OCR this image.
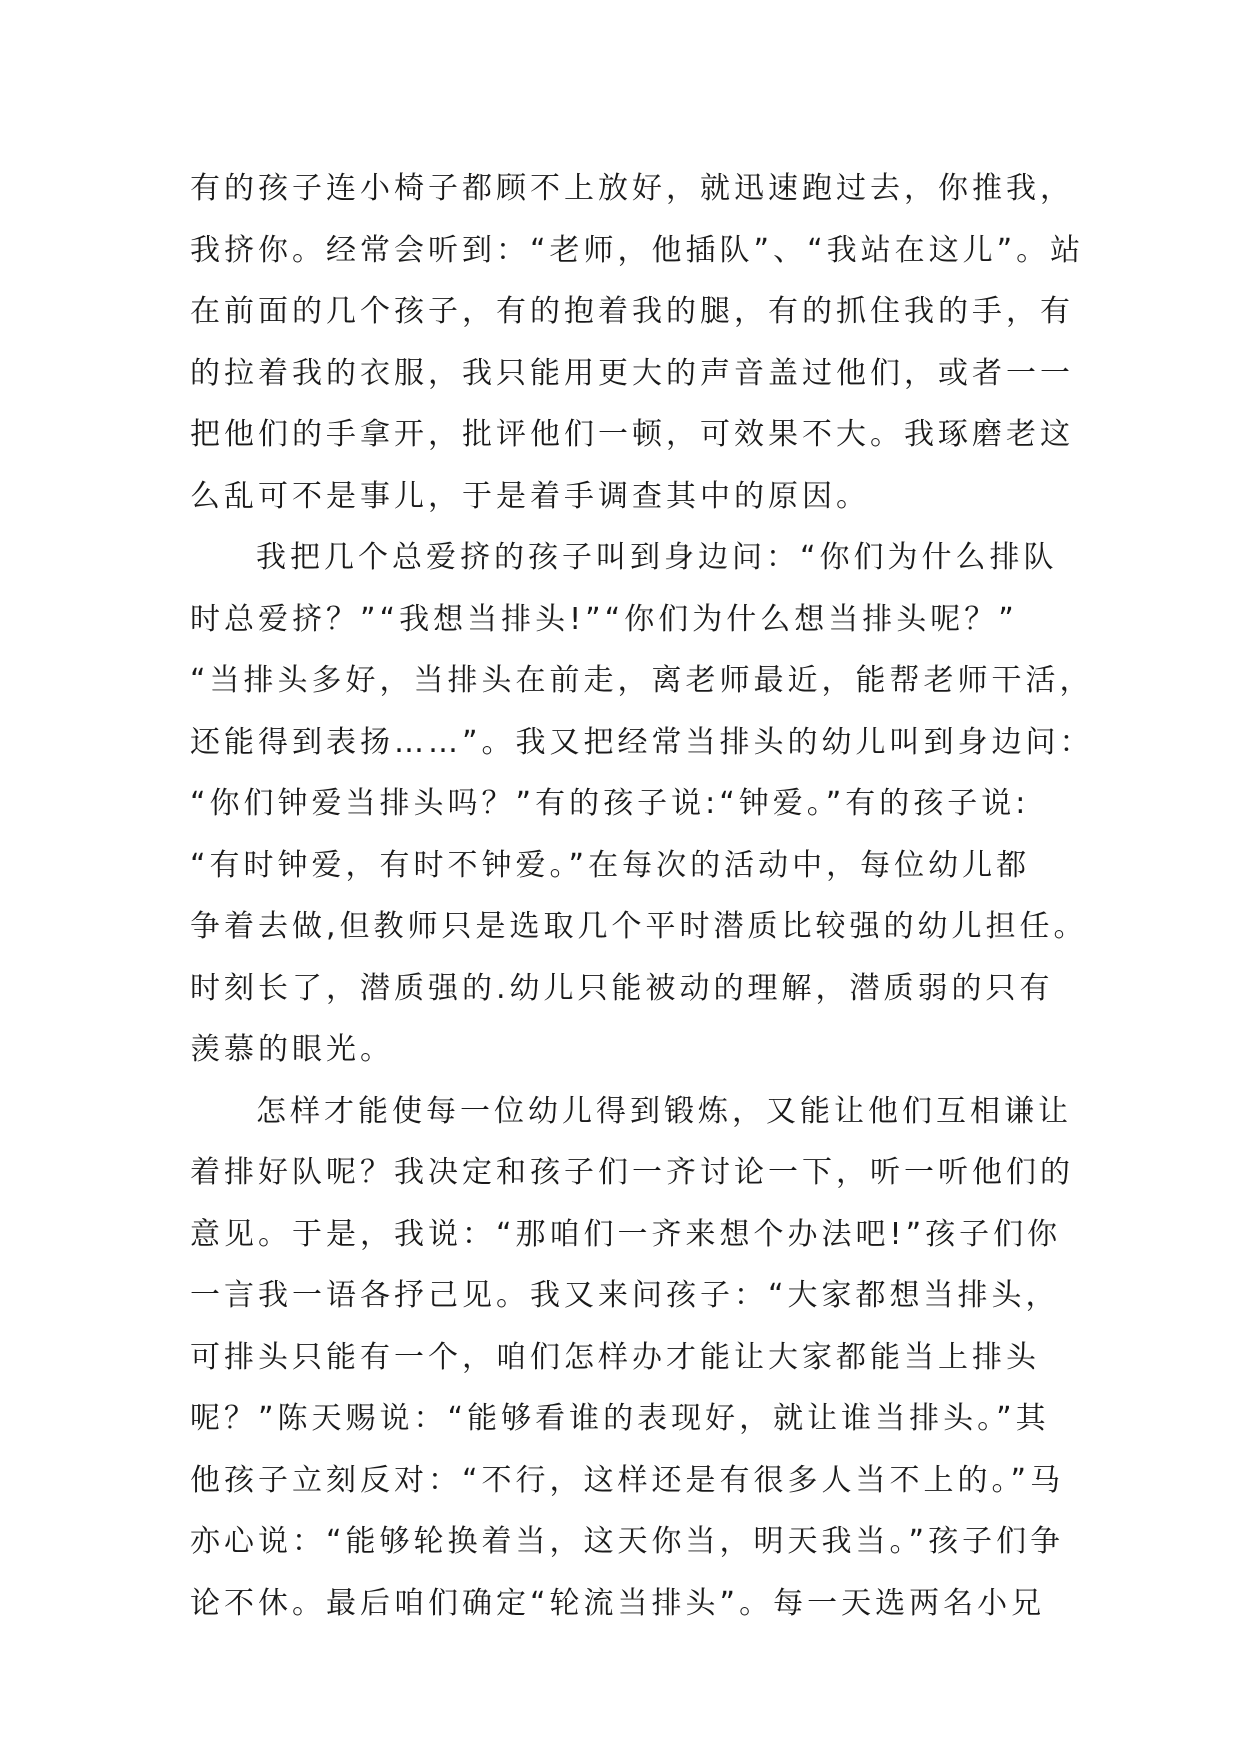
有的孩子连小椅子都顾不上放好，就迅速跑过去，你推我，
我挤你。经常会听到：“老师，他插队”、“我站在这儿”。站
在前面的几个孩子，有的抱着我的腿，有的抓住我的手，有
的拉着我的衣服，我只能用更大的声音盖过他们，或者一一
把他们的手拿开，批评他们一顿，可效果不大。我琢磨老这
么乱可不是事儿，于是着手调查其中的原因。
我把几个总爱挤的孩子叫到身边问：“你们为什么排队
时总爱挤？”“我想当排头!”“你们为什么想当排头呢？”
“当排头多好，当排头在前走，离老师最近，能帮老师干活，
还能得到表扬……”。我又把经常当排头的幼儿叫到身边问：
“你们钟爱当排头吗？”有的孩子说:“钟爱。”有的孩子说:
“有时钟爱，有时不钟爱。”在每次的活动中，每位幼儿都
争着去做,但教师只是选取几个平时潜质比较强的幼儿担任。
时刻长了，潜质强的.幼儿只能被动的理解，潜质弱的只有
羡慕的眼光。
怎样才能使每一位幼儿得到锻炼，又能让他们互相谦让
着排好队呢？我决定和孩子们一齐讨论一下，听一听他们的
意见。于是，我说：“那咱们一齐来想个办法吧!”孩子们你
一言我一语各抒己见。我又来问孩子：“大家都想当排头，
可排头只能有一个，咱们怎样办才能让大家都能当上排头
呢？”陈天赐说：“能够看谁的表现好，就让谁当排头。”其
他孩子立刻反对：“不行，这样还是有很多人当不上的。”马
亦心说：“能够轮换着当，这天你当，明天我当。”孩子们争
论不休。最后咱们确定“轮流当排头”。每一天选两名小兄
